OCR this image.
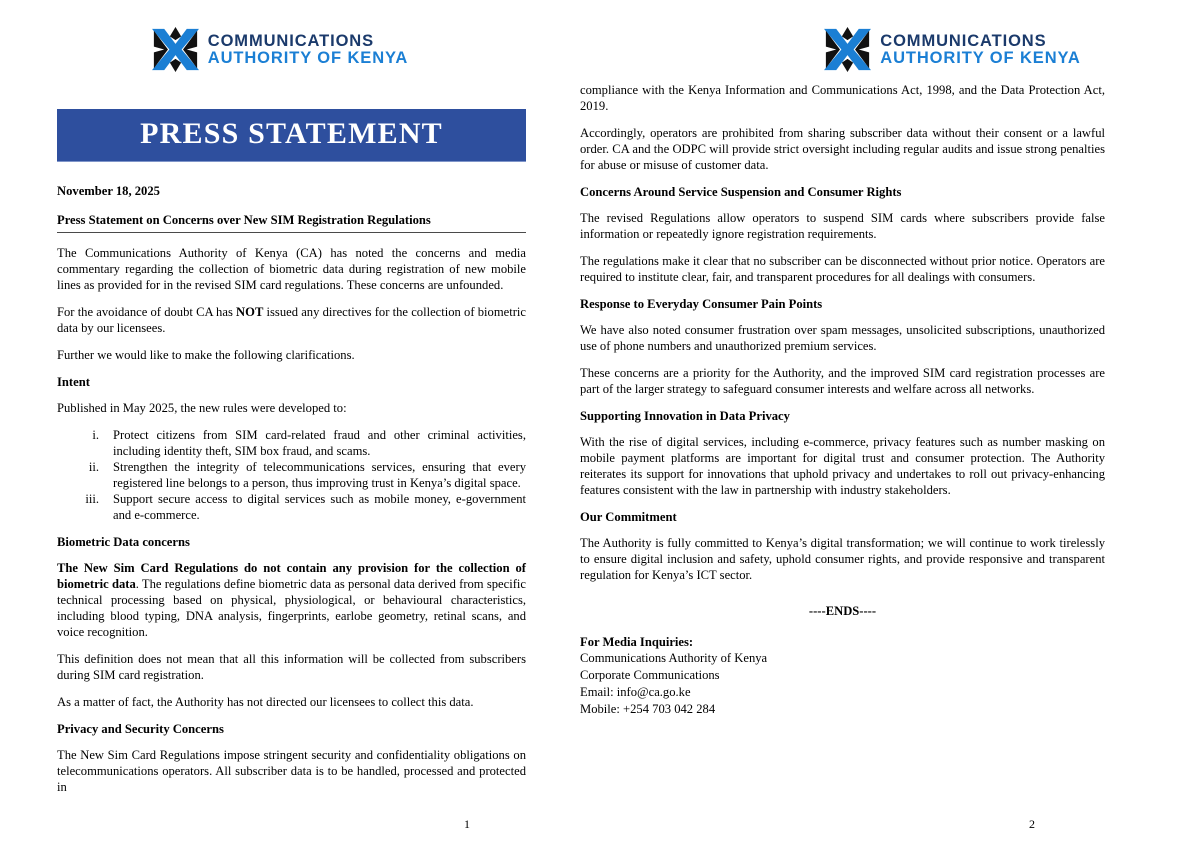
COMMUNICATIONS
AUTHORITY OF KENYA
PRESS STATEMENT
November 18, 2025
Press Statement on Concerns over New SIM Registration Regulations

The Communications Authority of Kenya (CA) has noted the concerns and media commentary regarding the collection of biometric data during registration of new mobile lines as provided for in the revised SIM card regulations. These concerns are unfounded.

For the avoidance of doubt CA has NOT issued any directives for the collection of biometric data by our licensees.

Further we would like to make the following clarifications.

Intent

Published in May 2025, the new rules were developed to:

i. Protect citizens from SIM card-related fraud and other criminal activities, including identity theft, SIM box fraud, and scams.
ii. Strengthen the integrity of telecommunications services, ensuring that every registered line belongs to a person, thus improving trust in Kenya’s digital space.
iii. Support secure access to digital services such as mobile money, e-government and e-commerce.
Biometric Data concerns

The New Sim Card Regulations do not contain any provision for the collection of biometric data. The regulations define biometric data as personal data derived from specific technical processing based on physical, physiological, or behavioural characteristics, including blood typing, DNA analysis, fingerprints, earlobe geometry, retinal scans, and voice recognition.

This definition does not mean that all this information will be collected from subscribers during SIM card registration.

As a matter of fact, the Authority has not directed our licensees to collect this data.

Privacy and Security Concerns

The New Sim Card Regulations impose stringent security and confidentiality obligations on telecommunications operators. All subscriber data is to be handled, processed and protected in

1
COMMUNICATIONS
AUTHORITY OF KENYA

compliance with the Kenya Information and Communications Act, 1998, and the Data Protection Act, 2019.

Accordingly, operators are prohibited from sharing subscriber data without their consent or a lawful order. CA and the ODPC will provide strict oversight including regular audits and issue strong penalties for abuse or misuse of customer data.

Concerns Around Service Suspension and Consumer Rights

The revised Regulations allow operators to suspend SIM cards where subscribers provide false information or repeatedly ignore registration requirements.

The regulations make it clear that no subscriber can be disconnected without prior notice. Operators are required to institute clear, fair, and transparent procedures for all dealings with consumers.

Response to Everyday Consumer Pain Points

We have also noted consumer frustration over spam messages, unsolicited subscriptions, unauthorized use of phone numbers and unauthorized premium services.

These concerns are a priority for the Authority, and the improved SIM card registration processes are part of the larger strategy to safeguard consumer interests and welfare across all networks.

Supporting Innovation in Data Privacy

With the rise of digital services, including e-commerce, privacy features such as number masking on mobile payment platforms are important for digital trust and consumer protection. The Authority reiterates its support for innovations that uphold privacy and undertakes to roll out privacy-enhancing features consistent with the law in partnership with industry stakeholders.

Our Commitment

The Authority is fully committed to Kenya’s digital transformation; we will continue to work tirelessly to ensure digital inclusion and safety, uphold consumer rights, and provide responsive and transparent regulation for Kenya’s ICT sector.

----ENDS----
For Media Inquiries:
Communications Authority of Kenya
Corporate Communications
Email: info@ca.go.ke
Mobile: +254 703 042 284
2
